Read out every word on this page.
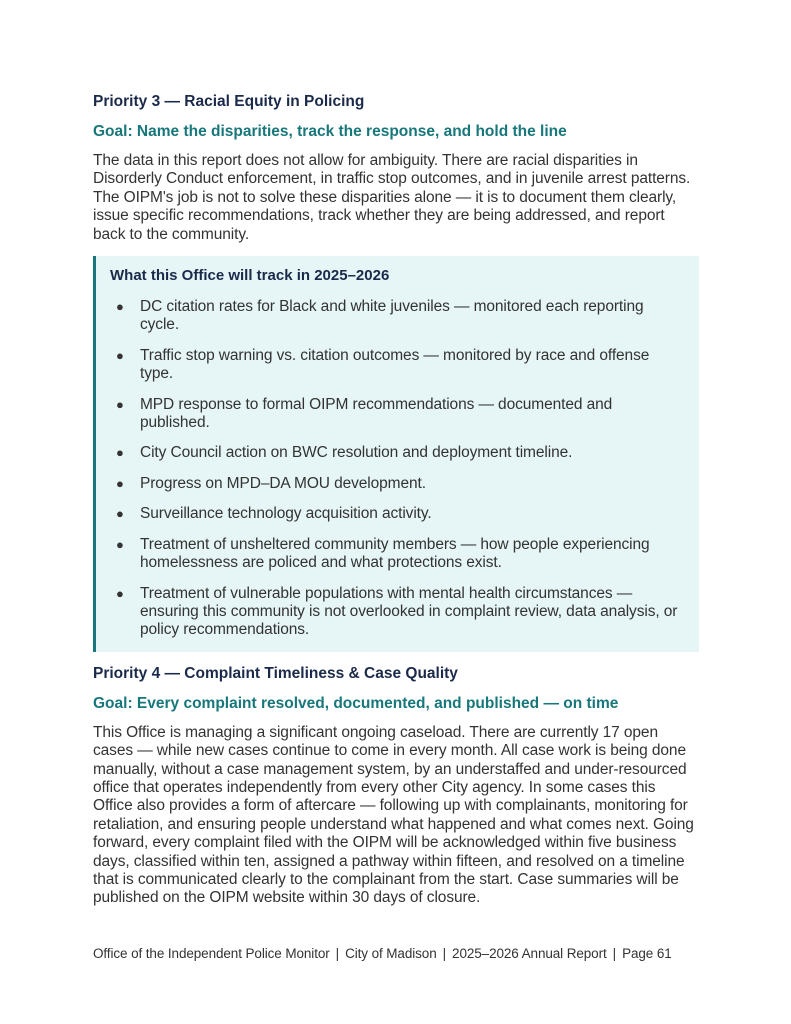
Priority 3 — Racial Equity in Policing
Goal: Name the disparities, track the response, and hold the line

The data in this report does not allow for ambiguity. There are racial disparities in Disorderly Conduct enforcement, in traffic stop outcomes, and in juvenile arrest patterns. The OIPM's job is not to solve these disparities alone — it is to document them clearly, issue specific recommendations, track whether they are being addressed, and report back to the community.

What this Office will track in 2025–2026
● DC citation rates for Black and white juveniles — monitored each reporting cycle.
● Traffic stop warning vs. citation outcomes — monitored by race and offense type.
● MPD response to formal OIPM recommendations — documented and published.
● City Council action on BWC resolution and deployment timeline.
● Progress on MPD–DA MOU development.
● Surveillance technology acquisition activity.
● Treatment of unsheltered community members — how people experiencing homelessness are policed and what protections exist.
● Treatment of vulnerable populations with mental health circumstances — ensuring this community is not overlooked in complaint review, data analysis, or policy recommendations.
Priority 4 — Complaint Timeliness & Case Quality
Goal: Every complaint resolved, documented, and published — on time

This Office is managing a significant ongoing caseload. There are currently 17 open cases — while new cases continue to come in every month. All case work is being done manually, without a case management system, by an understaffed and under-resourced office that operates independently from every other City agency. In some cases this Office also provides a form of aftercare — following up with complainants, monitoring for retaliation, and ensuring people understand what happened and what comes next. Going forward, every complaint filed with the OIPM will be acknowledged within five business days, classified within ten, assigned a pathway within fifteen, and resolved on a timeline that is communicated clearly to the complainant from the start. Case summaries will be published on the OIPM website within 30 days of closure.

Office of the Independent Police Monitor | City of Madison | 2025–2026 Annual Report | Page 61
